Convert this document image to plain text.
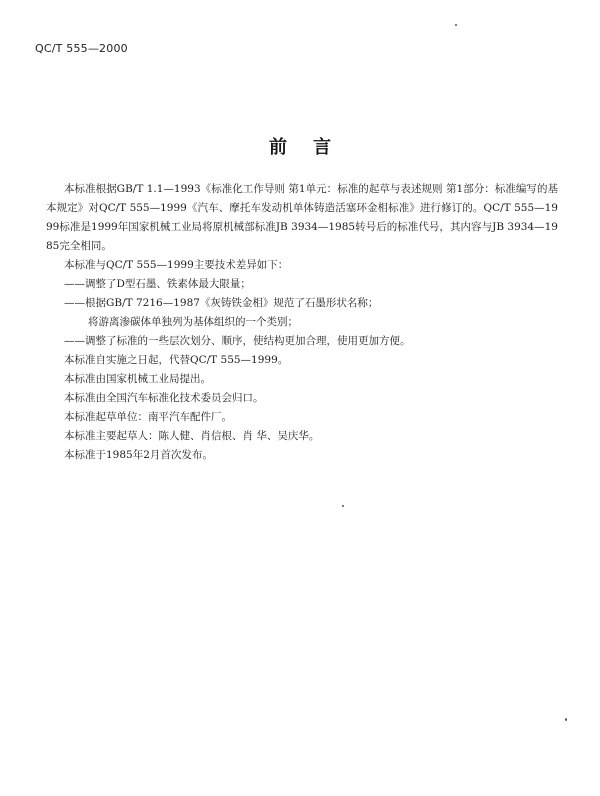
QC/T 555—2000
前言

本标准根据GB/T 1.1—1993《标准化工作导则 第1单元：标准的起草与表述规则 第1部分：标准编写的基本规定》对QC/T 555—1999《汽车、摩托车发动机单体铸造活塞环金相标准》进行修订的。QC/T 555—1999标准是1999年国家机械工业局将原机械部标准JB 3934—1985转号后的标准代号，其内容与JB 3934—1985完全相同。

本标准与QC/T 555—1999主要技术差异如下：

——调整了D型石墨、铁素体最大限量；

——根据GB/T 7216—1987《灰铸铁金相》规范了石墨形状名称；

将游离渗碳体单独列为基体组织的一个类别；

——调整了标准的一些层次划分、顺序，使结构更加合理，使用更加方便。

本标准自实施之日起，代替QC/T 555—1999。

本标准由国家机械工业局提出。

本标准由全国汽车标准化技术委员会归口。

本标准起草单位：南平汽车配件厂。

本标准主要起草人：陈人健、肖信根、肖 华、吴庆华。

本标准于1985年2月首次发布。
